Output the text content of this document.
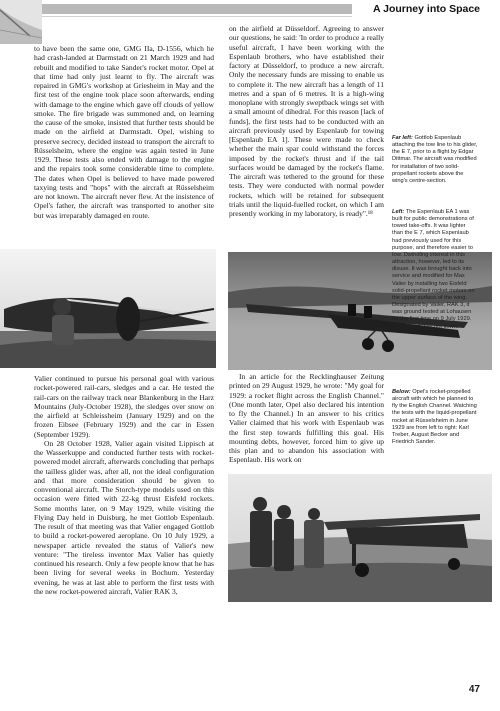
A Journey into Space

to have been the same one, GMG IIa, D-1556, which he had crash-landed at Darmstadt on 21 March 1929 and had rebuilt and modified to take Sander's rocket motor. Opel at that time had only just learnt to fly. The aircraft was repaired in GMG's workshop at Griesheim in May and the first test of the engine took place soon afterwards, ending with damage to the engine which gave off clouds of yellow smoke. The fire brigade was summoned and, on learning the cause of the smoke, insisted that further tests should be made on the airfield at Darmstadt. Opel, wishing to preserve secrecy, decided instead to transport the aircraft to Rüsselsheim, where the engine was again tested in June 1929. These tests also ended with damage to the engine and the repairs took some considerable time to complete. The dates when Opel is believed to have made powered taxying tests and "hops" with the aircraft at Rüsselsheim are not known. The aircraft never flew. At the insistence of Opel's father, the aircraft was transported to another site but was irreparably damaged en route.

on the airfield at Düsseldorf. Agreeing to answer our questions, he said: 'In order to produce a really useful aircraft, I have been working with the Espenlaub brothers, who have established their factory at Düsseldorf, to produce a new aircraft. Only the necessary funds are missing to enable us to complete it. The new aircraft has a length of 11 metres and a span of 6 metres. It is a high-wing monoplane with strongly sweptback wings set with a small amount of dihedral. For this reason [lack of funds], the first tests had to be conducted with an aircraft previously used by Espenlaub for towing [Espenlaub EA 1]. These were made to check whether the main spar could withstand the forces imposed by the rocket's thrust and if the tail surfaces would be damaged by the rocket's flame. The aircraft was tethered to the ground for these tests. They were conducted with normal powder rockets, which will be retained for subsequent trials until the liquid-fuelled rocket, on which I am presently working in my laboratory, is ready".¹⁸

Far left: Gottlob Espenlaub attaching the tow line to his glider, the E 7, prior to a flight by Edgar Dittmar. The aircraft was modified for installation of two solid-propellant rockets above the wing's centre-section.

Left: The Espenlaub EA 1 was built for public demonstrations of towed take-offs. It was lighter than the E 7, which Espenlaub had previously used for this purpose, and therefore easier to tow. Dwindling interest in this attraction, however, led to its disuse. It was brought back into service and modified for Max Valier by installing two Eisfeld solid-propellant rocket motors on the upper surface of the wing. Designated by Valier, RAK 3, it was ground tested at Lohausen for the first time on 9 July 1929. The aircraft was not flown.

Below: Opel's rocket-propelled aircraft with which he planned to fly the English Channel. Watching the tests with the liquid-propellant rocket at Rüsselsheim in June 1929 are from left to right: Karl Treber, August Becker and Friedrich Sander.

Valier continued to pursue his personal goal with various rocket-powered rail-cars, sledges and a car. He tested the rail-cars on the railway track near Blankenburg in the Harz Mountains (July-October 1928), the sledges over snow on the airfield at Schleissheim (January 1929) and on the frozen Eibsee (February 1929) and the car in Essen (September 1929).

On 28 October 1928, Valier again visited Lippisch at the Wasserkuppe and conducted further tests with rocket-powered model aircraft, afterwards concluding that perhaps the tailless glider was, after all, not the ideal configuration and that more consideration should be given to conventional aircraft. The Storch-type models used on this occasion were fitted with 22-kg thrust Eisfeld rockets. Some months later, on 9 May 1929, while visiting the Flying Day held in Duisburg, he met Gottlob Espenlaub. The result of that meeting was that Valier engaged Gottlob to build a rocket-powered aeroplane. On 10 July 1929, a newspaper article revealed the status of Valier's new venture: "The tireless inventor Max Valier has quietly continued his research. Only a few people know that he has been living for several weeks in Bochum. Yesterday evening, he was at last able to perform the first tests with the new rocket-powered aircraft, Valier RAK 3,

In an article for the Recklinghauser Zeitung printed on 29 August 1929, he wrote: "My goal for 1929: a rocket flight across the English Channel." (One month later, Opel also declared his intention to fly the Channel.) In an answer to his critics Valier claimed that his work with Espenlaub was the first step towards fulfilling this goal. His mounting debts, however, forced him to give up this plan and to abandon his association with Espenlaub. His work on

47
